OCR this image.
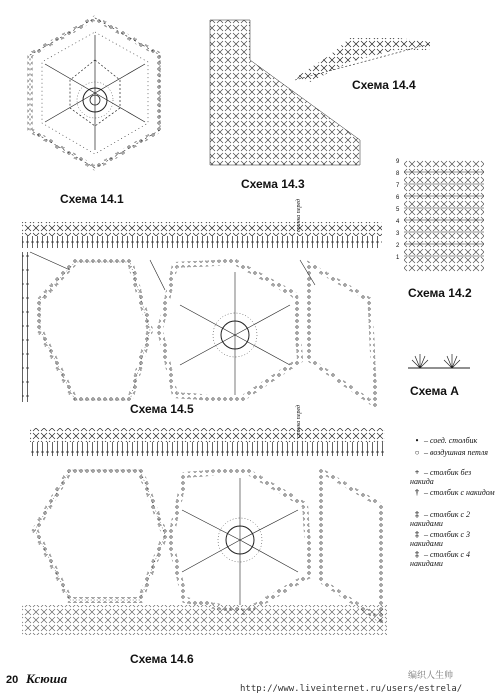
Схема 14.1
Схема 14.3
Схема 14.4
Схема 14.2
Схема 14.5
Схема А
Схема 14.6
спинка перед
спинка перед
9
8
7
6
5
4
3
2
1
• – соед. столбик
○ – воздушная петля
+ – столбик без накида
† – столбик с накидом
‡ – столбик с 2 накидами
‡ – столбик с 3 накидами
‡ – столбик с 4 накидами
20 Ксюша	编织人生帅
http://www.liveinternet.ru/users/estrela/
